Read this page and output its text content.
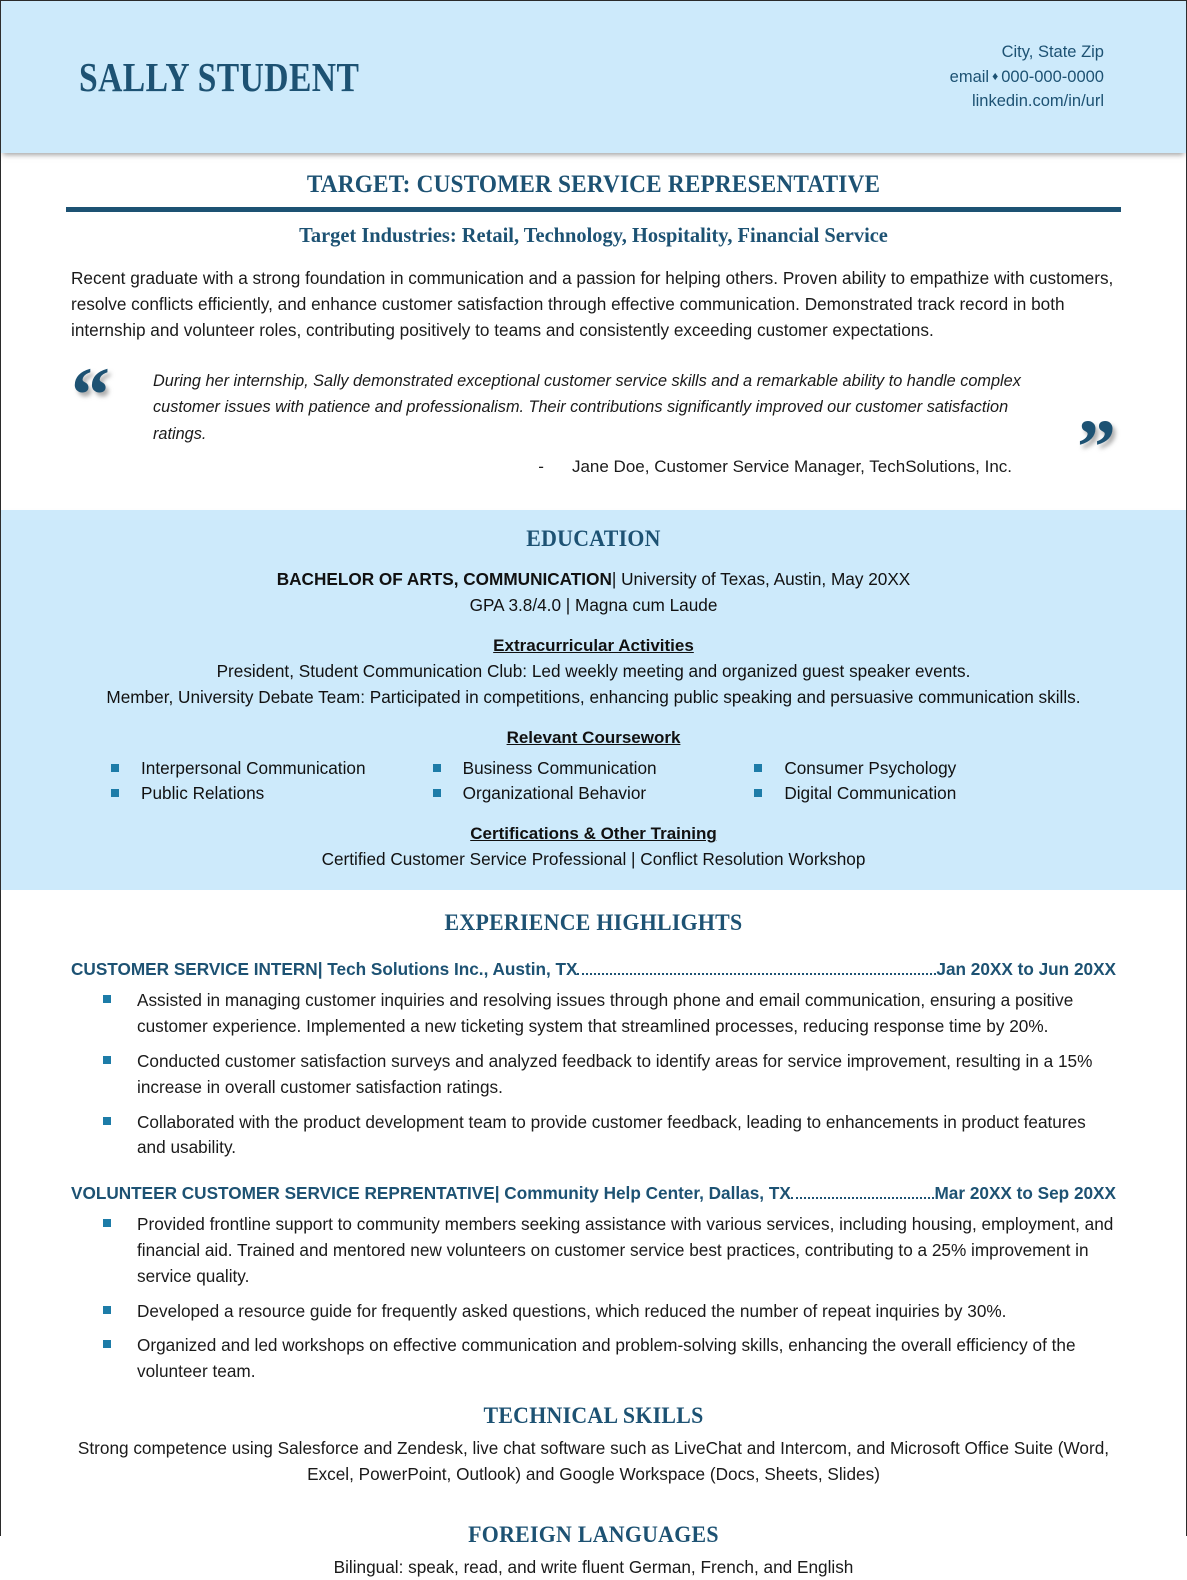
SALLY STUDENT
City, State Zip
email ♦ 000-000-0000
linkedin.com/in/url
TARGET: CUSTOMER SERVICE REPRESENTATIVE
Target Industries: Retail, Technology, Hospitality, Financial Service
Recent graduate with a strong foundation in communication and a passion for helping others. Proven ability to empathize with customers, resolve conflicts efficiently, and enhance customer satisfaction through effective communication. Demonstrated track record in both internship and volunteer roles, contributing positively to teams and consistently exceeding customer expectations.
“
”
During her internship, Sally demonstrated exceptional customer service skills and a remarkable ability to handle complex customer issues with patience and professionalism. Their contributions significantly improved our customer satisfaction ratings.
- Jane Doe, Customer Service Manager, TechSolutions, Inc.
EDUCATION
BACHELOR OF ARTS, COMMUNICATION| University of Texas, Austin, May 20XX
GPA 3.8/4.0 | Magna cum Laude
Extracurricular Activities
President, Student Communication Club: Led weekly meeting and organized guest speaker events.
Member, University Debate Team: Participated in competitions, enhancing public speaking and persuasive communication skills.
Relevant Coursework
Interpersonal Communication	Business Communication	Consumer Psychology
Public Relations	Organizational Behavior	Digital Communication
Certifications & Other Training
Certified Customer Service Professional | Conflict Resolution Workshop
EXPERIENCE HIGHLIGHTS
CUSTOMER SERVICE INTERN| Tech Solutions Inc., Austin, TX	Jan 20XX to Jun 20XX
Assisted in managing customer inquiries and resolving issues through phone and email communication, ensuring a positive customer experience. Implemented a new ticketing system that streamlined processes, reducing response time by 20%.
Conducted customer satisfaction surveys and analyzed feedback to identify areas for service improvement, resulting in a 15% increase in overall customer satisfaction ratings.
Collaborated with the product development team to provide customer feedback, leading to enhancements in product features and usability.
VOLUNTEER CUSTOMER SERVICE REPRENTATIVE| Community Help Center, Dallas, TX	Mar 20XX to Sep 20XX
Provided frontline support to community members seeking assistance with various services, including housing, employment, and financial aid. Trained and mentored new volunteers on customer service best practices, contributing to a 25% improvement in service quality.
Developed a resource guide for frequently asked questions, which reduced the number of repeat inquiries by 30%.
Organized and led workshops on effective communication and problem-solving skills, enhancing the overall efficiency of the volunteer team.
TECHNICAL SKILLS
Strong competence using Salesforce and Zendesk, live chat software such as LiveChat and Intercom, and Microsoft Office Suite (Word, Excel, PowerPoint, Outlook) and Google Workspace (Docs, Sheets, Slides)
FOREIGN LANGUAGES
Bilingual: speak, read, and write fluent German, French, and English
